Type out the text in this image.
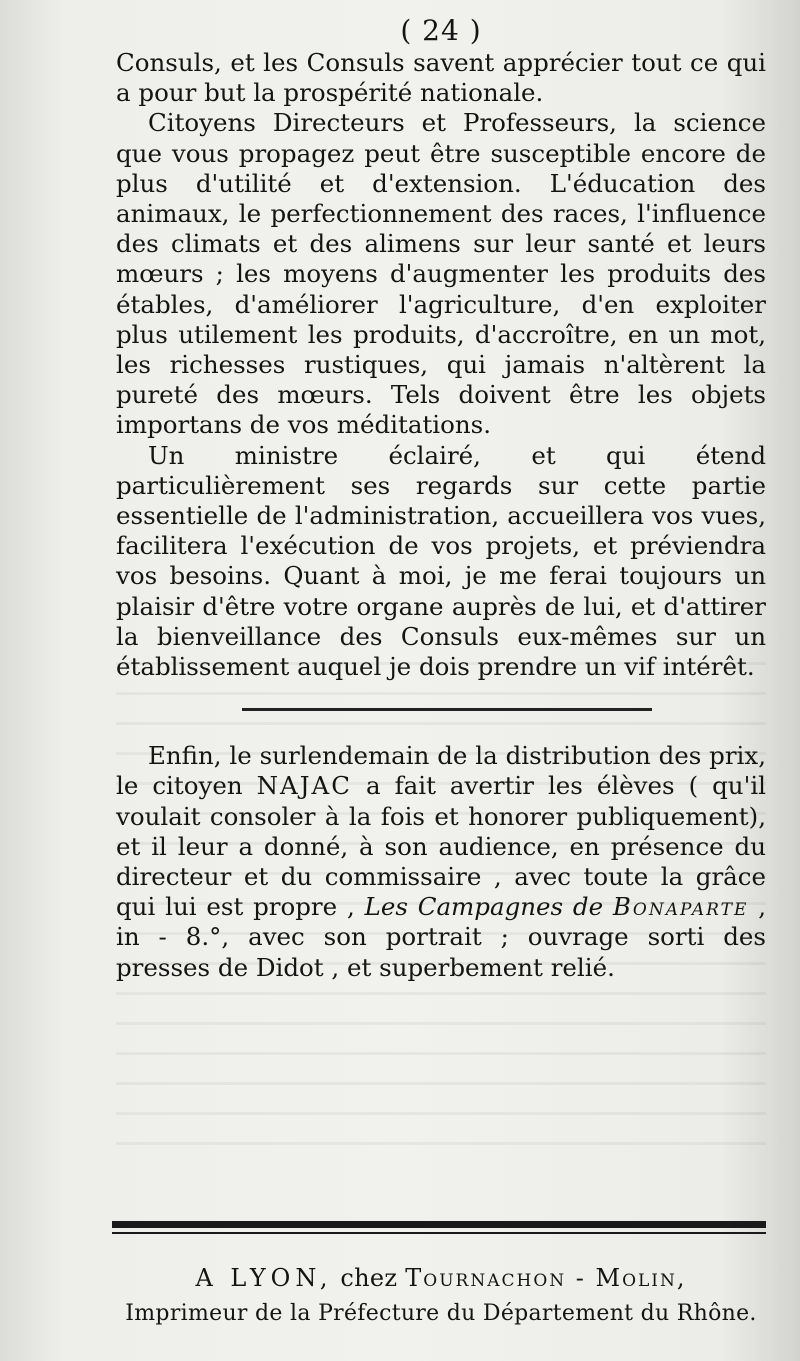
( 24 )

Consuls, et les Consuls savent apprécier tout ce qui a pour but la prospérité nationale.

Citoyens Directeurs et Professeurs, la science que vous propagez peut être susceptible encore de plus d'utilité et d'extension. L'éducation des animaux, le perfectionnement des races, l'influence des climats et des alimens sur leur santé et leurs mœurs ; les moyens d'augmenter les produits des étables, d'améliorer l'agriculture, d'en exploiter plus utilement les produits, d'accroître, en un mot, les richesses rustiques, qui jamais n'altèrent la pureté des mœurs. Tels doivent être les objets importans de vos méditations.

Un ministre éclairé, et qui étend particulièrement ses regards sur cette partie essentielle de l'administration, accueillera vos vues, facilitera l'exécution de vos projets, et préviendra vos besoins. Quant à moi, je me ferai toujours un plaisir d'être votre organe auprès de lui, et d'attirer la bienveillance des Consuls eux-mêmes sur un établissement auquel je dois prendre un vif intérêt.

Enfin, le surlendemain de la distribution des prix, le citoyen NAJAC a fait avertir les élèves ( qu'il voulait consoler à la fois et honorer publiquement), et il leur a donné, à son audience, en présence du directeur et du commissaire , avec toute la grâce qui lui est propre , Les Campagnes de Bonaparte , in - 8.°, avec son portrait ; ouvrage sorti des presses de Didot , et superbement relié.

A LYON, chez Tournachon - Molin,
Imprimeur de la Préfecture du Département du Rhône.
